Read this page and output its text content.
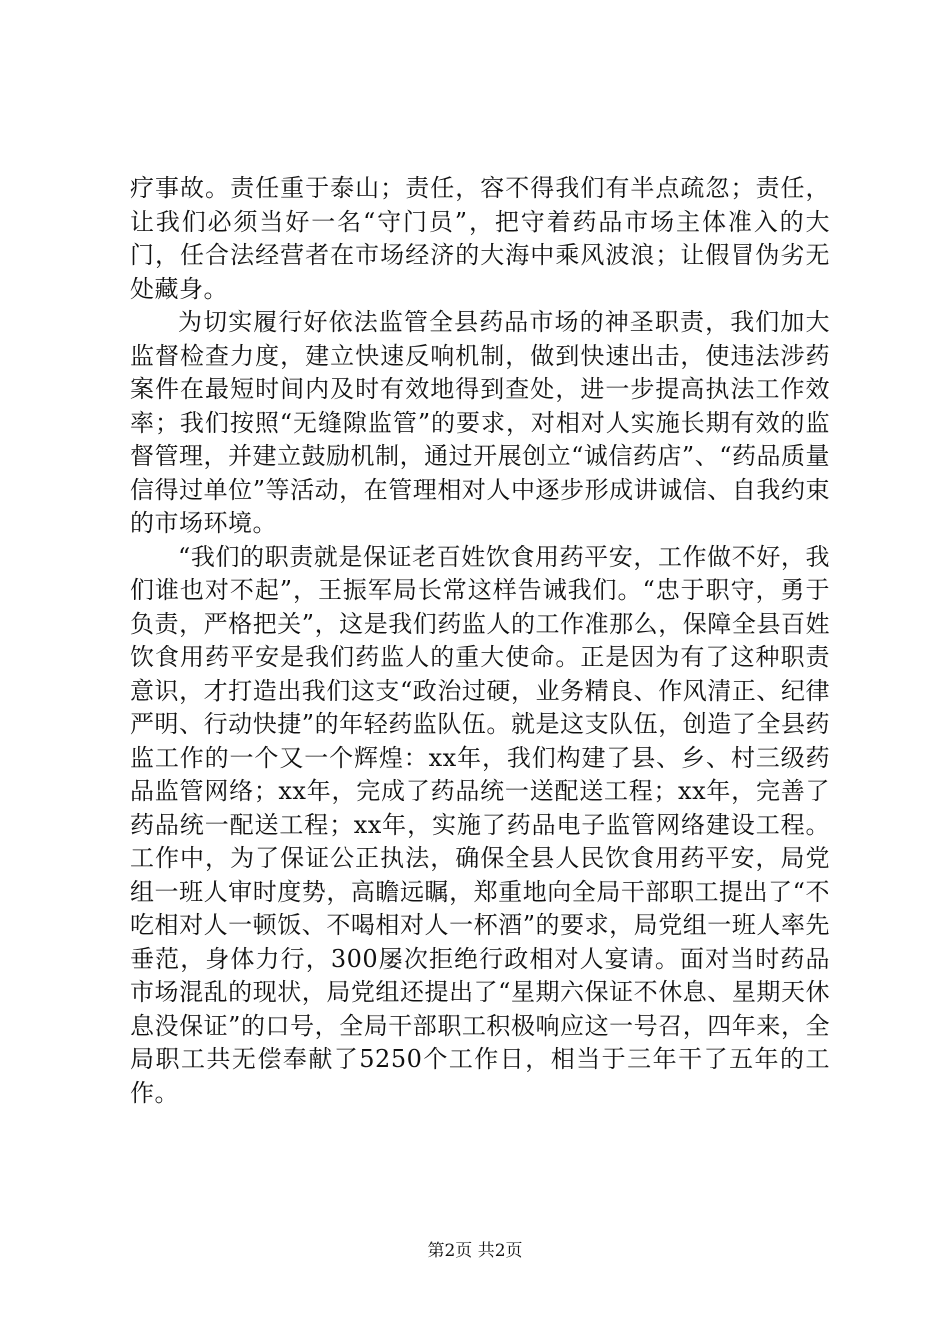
疗事故。责任重于泰山；责任，容不得我们有半点疏忽；责任，让我们必须当好一名“守门员”，把守着药品市场主体准入的大门，任合法经营者在市场经济的大海中乘风波浪；让假冒伪劣无处藏身。

为切实履行好依法监管全县药品市场的神圣职责，我们加大监督检查力度，建立快速反响机制，做到快速出击，使违法涉药案件在最短时间内及时有效地得到查处，进一步提高执法工作效率；我们按照“无缝隙监管”的要求，对相对人实施长期有效的监督管理，并建立鼓励机制，通过开展创立“诚信药店”、“药品质量信得过单位”等活动，在管理相对人中逐步形成讲诚信、自我约束的市场环境。

“我们的职责就是保证老百姓饮食用药平安，工作做不好，我们谁也对不起”，王振军局长常这样告诫我们。“忠于职守，勇于负责，严格把关”，这是我们药监人的工作准那么，保障全县百姓饮食用药平安是我们药监人的重大使命。正是因为有了这种职责意识，才打造出我们这支“政治过硬，业务精良、作风清正、纪律严明、行动快捷”的年轻药监队伍。就是这支队伍，创造了全县药监工作的一个又一个辉煌：xx年，我们构建了县、乡、村三级药品监管网络；xx年，完成了药品统一送配送工程；xx年，完善了药品统一配送工程；xx年，实施了药品电子监管网络建设工程。工作中，为了保证公正执法，确保全县人民饮食用药平安，局党组一班人审时度势，高瞻远瞩，郑重地向全局干部职工提出了“不吃相对人一顿饭、不喝相对人一杯酒”的要求，局党组一班人率先垂范，身体力行，300屡次拒绝行政相对人宴请。面对当时药品市场混乱的现状，局党组还提出了“星期六保证不休息、星期天休息没保证”的口号，全局干部职工积极响应这一号召，四年来，全局职工共无偿奉献了5250个工作日，相当于三年干了五年的工作。

第2页 共2页
